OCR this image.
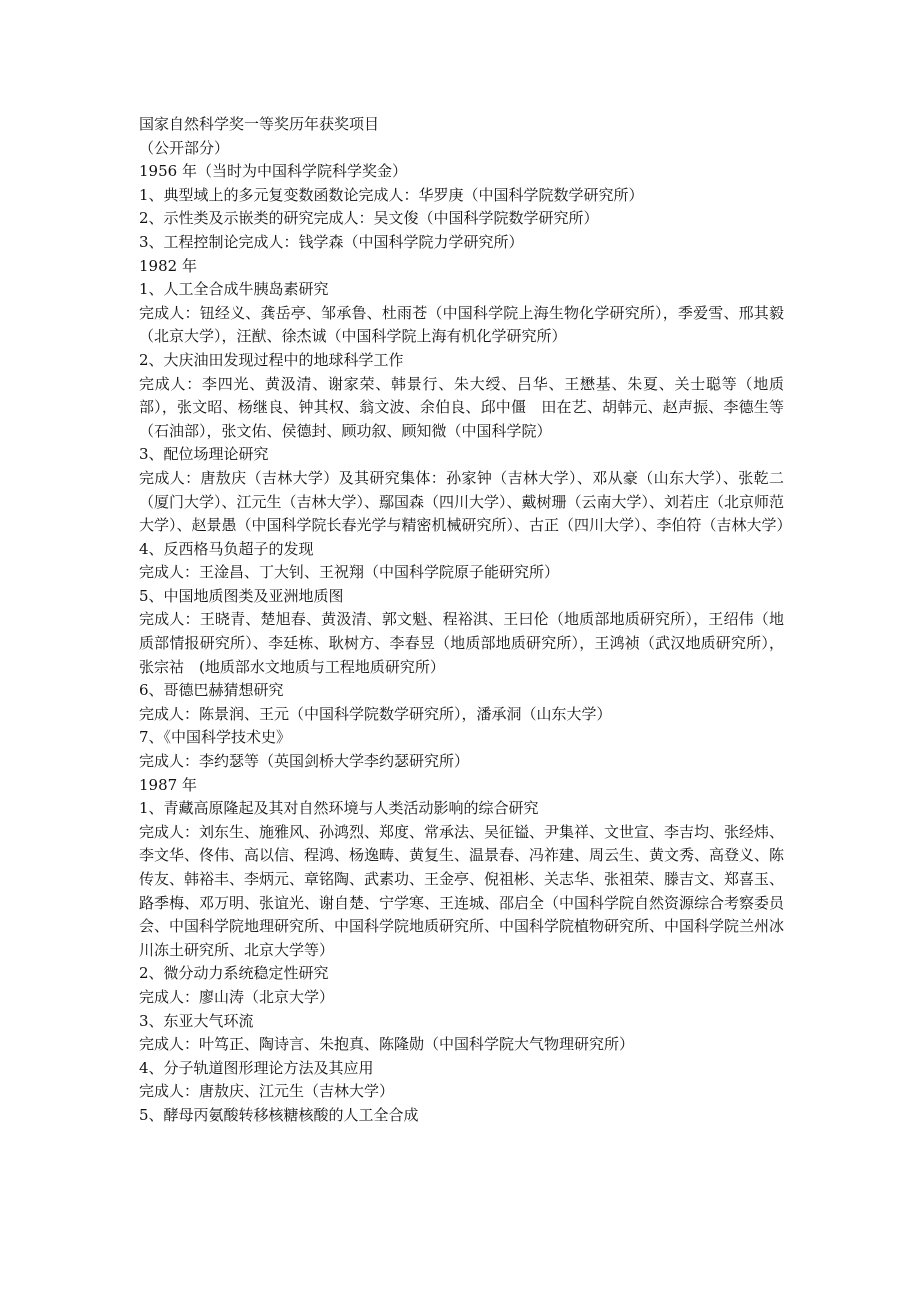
国家自然科学奖一等奖历年获奖项目
（公开部分）
1956 年（当时为中国科学院科学奖金）
1、典型域上的多元复变数函数论完成人：华罗庚（中国科学院数学研究所）
2、示性类及示嵌类的研究完成人：吴文俊（中国科学院数学研究所）
3、工程控制论完成人：钱学森（中国科学院力学研究所）
1982 年
1、人工全合成牛胰岛素研究
完成人：钮经义、龚岳亭、邹承鲁、杜雨苍（中国科学院上海生物化学研究所），季爱雪、邢其毅（北京大学），汪猷、徐杰诚（中国科学院上海有机化学研究所）
2、大庆油田发现过程中的地球科学工作
完成人：李四光、黄汲清、谢家荣、韩景行、朱大绶、吕华、王懋基、朱夏、关士聪等（地质部），张文昭、杨继良、钟其权、翁文波、余伯良、邱中僵　田在艺、胡韩元、赵声振、李德生等（石油部），张文佑、侯德封、顾功叙、顾知微（中国科学院）
3、配位场理论研究
完成人：唐敖庆（吉林大学）及其研究集体：孙家钟（吉林大学）、邓从豪（山东大学）、张乾二（厦门大学）、江元生（吉林大学）、鄢国森（四川大学）、戴树珊（云南大学）、刘若庄（北京师范大学）、赵景愚（中国科学院长春光学与精密机械研究所）、古正（四川大学）、李伯符（吉林大学）
4、反西格马负超子的发现
完成人：王淦昌、丁大钊、王祝翔（中国科学院原子能研究所）
5、中国地质图类及亚洲地质图
完成人：王晓青、楚旭春、黄汲清、郭文魁、程裕淇、王曰伦（地质部地质研究所），王绍伟（地质部情报研究所）、李廷栋、耿树方、李春昱（地质部地质研究所），王鸿祯（武汉地质研究所），张宗祜　(地质部水文地质与工程地质研究所）
6、哥德巴赫猜想研究
完成人：陈景润、王元（中国科学院数学研究所），潘承洞（山东大学）
7、《中国科学技术史》
完成人：李约瑟等（英国剑桥大学李约瑟研究所）
1987 年
1、青藏高原隆起及其对自然环境与人类活动影响的综合研究
完成人：刘东生、施雅风、孙鸿烈、郑度、常承法、吴征镒、尹集祥、文世宣、李吉均、张经炜、李文华、佟伟、高以信、程鸿、杨逸畴、黄复生、温景春、冯祚建、周云生、黄文秀、高登义、陈传友、韩裕丰、李炳元、章铭陶、武素功、王金亭、倪祖彬、关志华、张祖荣、滕吉文、郑喜玉、路季梅、邓万明、张谊光、谢自楚、宁学寒、王连城、邵启全（中国科学院自然资源综合考察委员会、中国科学院地理研究所、中国科学院地质研究所、中国科学院植物研究所、中国科学院兰州冰川冻土研究所、北京大学等）
2、微分动力系统稳定性研究
完成人：廖山涛（北京大学）
3、东亚大气环流
完成人：叶笃正、陶诗言、朱抱真、陈隆勋（中国科学院大气物理研究所）
4、分子轨道图形理论方法及其应用
完成人：唐敖庆、江元生（吉林大学）
5、酵母丙氨酸转移核糖核酸的人工全合成
